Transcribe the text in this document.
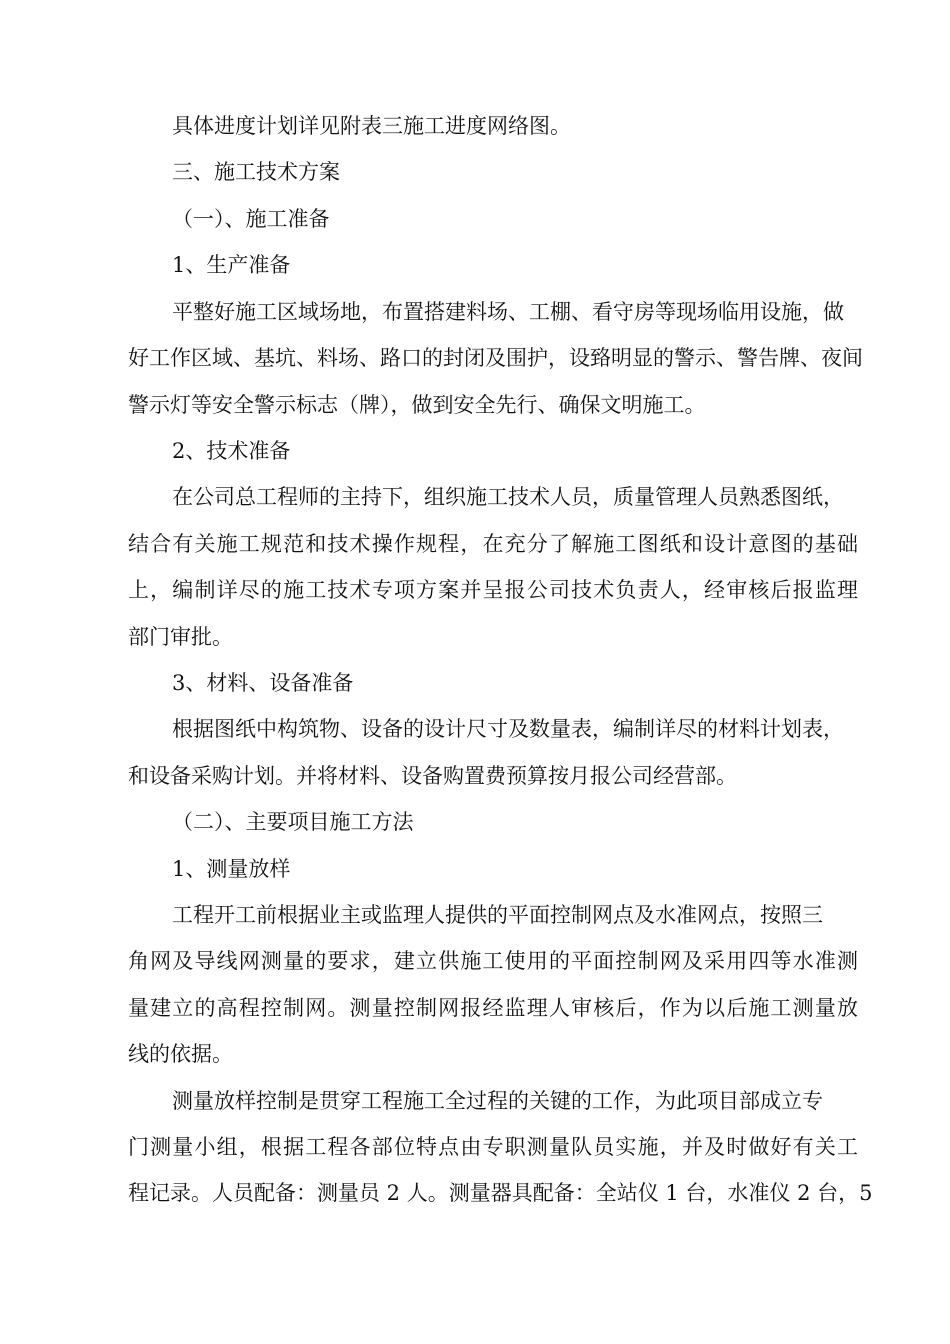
具体进度计划详见附表三施工进度网络图。
三、施工技术方案
（一）、施工准备
1、生产准备
平整好施工区域场地，布置搭建料场、工棚、看守房等现场临用设施，做
好工作区域、基坑、料场、路口的封闭及围护，设臵明显的警示、警告牌、夜间
警示灯等安全警示标志（牌），做到安全先行、确保文明施工。
2、技术准备
在公司总工程师的主持下，组织施工技术人员，质量管理人员熟悉图纸，
结合有关施工规范和技术操作规程，在充分了解施工图纸和设计意图的基础
上，编制详尽的施工技术专项方案并呈报公司技术负责人，经审核后报监理
部门审批。
3、材料、设备准备
根据图纸中构筑物、设备的设计尺寸及数量表，编制详尽的材料计划表，
和设备采购计划。并将材料、设备购置费预算按月报公司经营部。
（二）、主要项目施工方法
1、测量放样
工程开工前根据业主或监理人提供的平面控制网点及水准网点，按照三
角网及导线网测量的要求，建立供施工使用的平面控制网及采用四等水准测
量建立的高程控制网。测量控制网报经监理人审核后，作为以后施工测量放
线的依据。
测量放样控制是贯穿工程施工全过程的关键的工作，为此项目部成立专
门测量小组，根据工程各部位特点由专职测量队员实施，并及时做好有关工
程记录。人员配备：测量员 2 人。测量器具配备：全站仪 1 台，水准仪 2 台，5
